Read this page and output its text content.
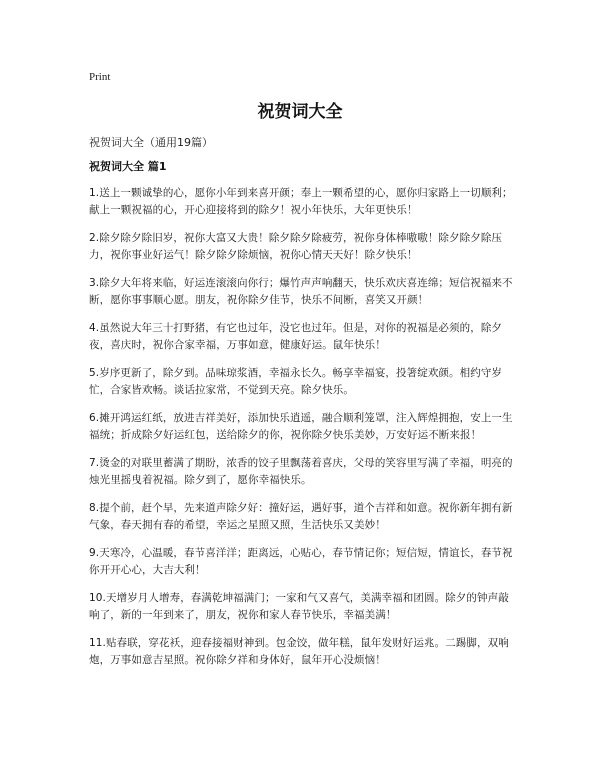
Print
祝贺词大全
祝贺词大全（通用19篇）
祝贺词大全 篇1

1.送上一颗诚挚的心，愿你小年到来喜开颜；奉上一颗希望的心，愿你归家路上一切顺利；献上一颗祝福的心，开心迎接将到的除夕！祝小年快乐，大年更快乐！

2.除夕除夕除旧岁，祝你大富又大贵！除夕除夕除疲劳，祝你身体棒嗷嗷！除夕除夕除压力，祝你事业好运气！除夕除夕除烦恼，祝你心情天天好！除夕快乐！

3.除夕大年将来临，好运连滚滚向你行；爆竹声声响翻天，快乐欢庆喜连绵；短信祝福来不断，愿你事事顺心愿。朋友，祝你除夕佳节，快乐不间断，喜笑又开颜！

4.虽然说大年三十打野猪，有它也过年，没它也过年。但是，对你的祝福是必须的，除夕夜，喜庆时，祝你合家幸福，万事如意，健康好运。鼠年快乐！

5.岁序更新了，除夕到。品味琼浆酒，幸福永长久。畅享幸福宴，投箸绽欢颜。相约守岁忙，合家皆欢畅。谈话拉家常，不觉到天亮。除夕快乐。

6.摊开鸿运红纸，放进吉祥美好，添加快乐逍遥，融合顺利笼罩，注入辉煌拥抱，安上一生福统；折成除夕好运红包，送给除夕的你，祝你除夕快乐美妙，万安好运不断来报！

7.烫金的对联里蓄满了期盼，浓香的饺子里飘荡着喜庆，父母的笑容里写满了幸福，明亮的烛光里摇曳着祝福。除夕到了，愿你幸福快乐。

8.提个前，赶个早，先来道声除夕好：撞好运，遇好事，道个吉祥和如意。祝你新年拥有新气象，春天拥有春的希望，幸运之星照又照，生活快乐又美妙！

9.天寒冷，心温暖，春节喜洋洋；距离远，心贴心，春节情记你；短信短，情谊长，春节祝你开开心心，大吉大利！

10.天增岁月人增寿，春满乾坤福满门；一家和气又喜气，美满幸福和团圆。除夕的钟声敲响了，新的一年到来了，朋友，祝你和家人春节快乐，幸福美满！

11.贴春联，穿花袄，迎春接福财神到。包金饺，做年糕，鼠年发财好运兆。二踢脚，双响炮，万事如意吉星照。祝你除夕祥和身体好，鼠年开心没烦恼！
